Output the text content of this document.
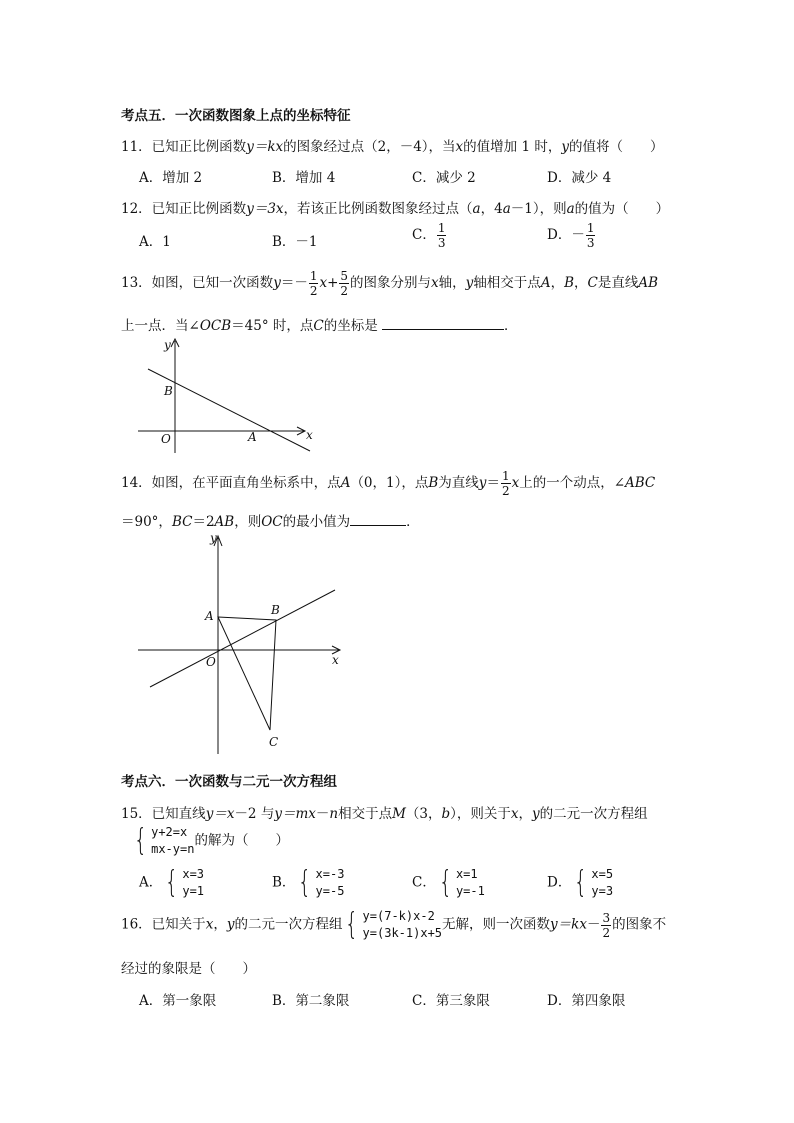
考点五．一次函数图象上点的坐标特征
11．已知正比例函数y＝kx的图象经过点（2，－4），当x的值增加 1 时，y的值将（　　）
A．增加 2	B．增加 4	C．减少 2	D．减少 4
12．已知正比例函数y＝3x，若该正比例函数图象经过点（a，4a－1），则a的值为（　　）
A．1	B．－1	C． $\frac{1}{3}$	D．－ $\frac{1}{3}$
13．如图，已知一次函数$y=- \frac{1}{2} x+ \frac{5}{2}$ 的图象分别与x轴，y轴相交于点A，B，C是直线AB
上一点．当∠OCB＝45° 时，点C的坐标是	．
y
x
B
O	A
14．如图，在平面直角坐标系中，点A（0，1），点B为直线$y= \frac{1}{2}$ x上的一个动点，∠ABC
＝90°，BC＝2AB，则OC的最小值为	．
y
x
A	B
O
C
考点六．一次函数与二元一次方程组
15．已知直线y＝x－2 与y＝mx－n相交于点M（3，b），则关于x，y的二元一次方程组
{ y+2=x
mx-y=n
的解为（　　）
A．{ x=3
y=1
B．{ x=-3
y=-5
C．{ x=1
y=-1
D．{ x=5
y=3
16．已知关于x，y的二元一次方程组{ y=(7-k)x-2
y=(3k-1)x+5
无解，则一次函数$y=kx- \frac{3}{2}$ 的图象不
经过的象限是（　　）
A．第一象限	B．第二象限	C．第三象限	D．第四象限
